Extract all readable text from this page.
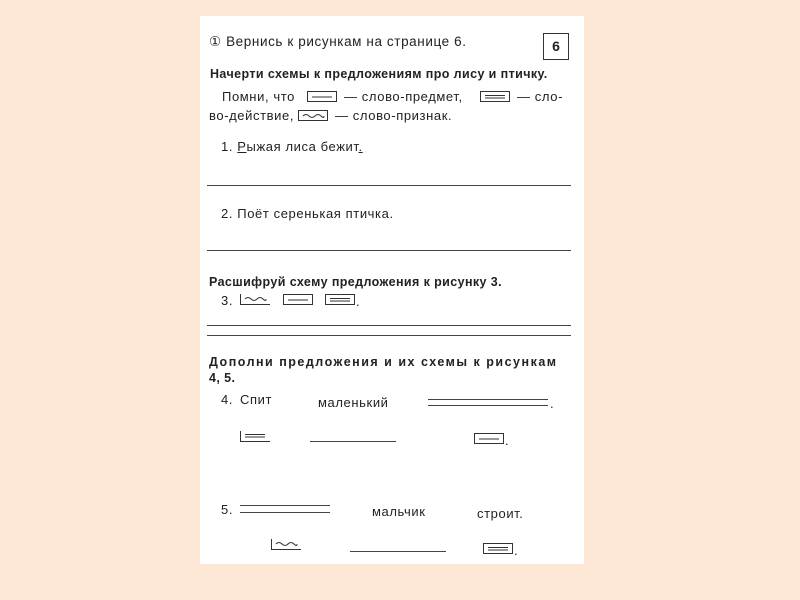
① Вернись к рисункам на странице 6.	6
Начерти схемы к предложениям про лису и птичку.
Помни, что	— слово-предмет,	— сло-
во-действие,	— слово-признак.
1. Рыжая лиса бежит.
2. Поёт серенькая птичка.
Расшифруй схему предложения к рисунку 3.
3.	.
Дополни предложения и их схемы к рисункам
4, 5.
4. Спит	маленький	.
.
5.	мальчик	строит.
.
